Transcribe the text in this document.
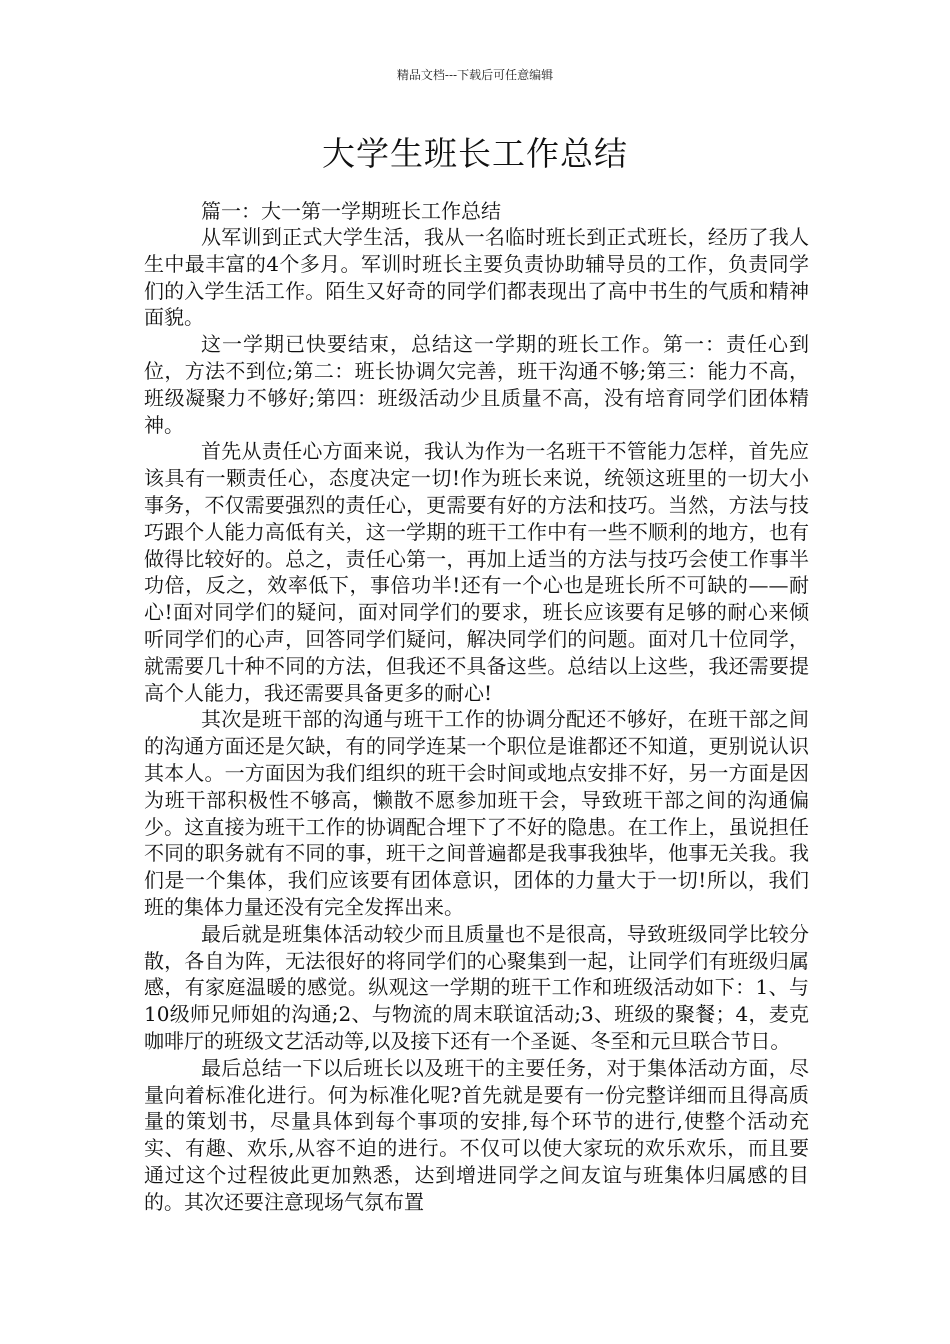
精品文档---下载后可任意编辑
大学生班长工作总结

篇一：大一第一学期班长工作总结

从军训到正式大学生活，我从一名临时班长到正式班长，经历了我人生中最丰富的4个多月。军训时班长主要负责协助辅导员的工作，负责同学们的入学生活工作。陌生又好奇的同学们都表现出了高中书生的气质和精神面貌。

这一学期已快要结束，总结这一学期的班长工作。第一：责任心到位，方法不到位;第二：班长协调欠完善，班干沟通不够;第三：能力不高，班级凝聚力不够好;第四：班级活动少且质量不高，没有培育同学们团体精神。

首先从责任心方面来说，我认为作为一名班干不管能力怎样，首先应该具有一颗责任心，态度决定一切!作为班长来说，统领这班里的一切大小事务，不仅需要强烈的责任心，更需要有好的方法和技巧。当然，方法与技巧跟个人能力高低有关，这一学期的班干工作中有一些不顺利的地方，也有做得比较好的。总之，责任心第一，再加上适当的方法与技巧会使工作事半功倍，反之，效率低下，事倍功半!还有一个心也是班长所不可缺的——耐心!面对同学们的疑问，面对同学们的要求，班长应该要有足够的耐心来倾听同学们的心声，回答同学们疑问，解决同学们的问题。面对几十位同学，就需要几十种不同的方法，但我还不具备这些。总结以上这些，我还需要提高个人能力，我还需要具备更多的耐心!

其次是班干部的沟通与班干工作的协调分配还不够好，在班干部之间的沟通方面还是欠缺，有的同学连某一个职位是谁都还不知道，更别说认识其本人。一方面因为我们组织的班干会时间或地点安排不好，另一方面是因为班干部积极性不够高，懒散不愿参加班干会，导致班干部之间的沟通偏少。这直接为班干工作的协调配合埋下了不好的隐患。在工作上，虽说担任不同的职务就有不同的事，班干之间普遍都是我事我独毕，他事无关我。我们是一个集体，我们应该要有团体意识，团体的力量大于一切!所以，我们班的集体力量还没有完全发挥出来。

最后就是班集体活动较少而且质量也不是很高，导致班级同学比较分散，各自为阵，无法很好的将同学们的心聚集到一起，让同学们有班级归属感，有家庭温暖的感觉。纵观这一学期的班干工作和班级活动如下：1、与10级师兄师姐的沟通;2、与物流的周末联谊活动;3、班级的聚餐；4，麦克咖啡厅的班级文艺活动等,以及接下还有一个圣诞、冬至和元旦联合节日。

最后总结一下以后班长以及班干的主要任务，对于集体活动方面，尽量向着标准化进行。何为标准化呢?首先就是要有一份完整详细而且得高质量的策划书，尽量具体到每个事项的安排,每个环节的进行,使整个活动充实、有趣、欢乐,从容不迫的进行。不仅可以使大家玩的欢乐欢乐，而且要通过这个过程彼此更加熟悉，达到增进同学之间友谊与班集体归属感的目的。其次还要注意现场气氛布置
